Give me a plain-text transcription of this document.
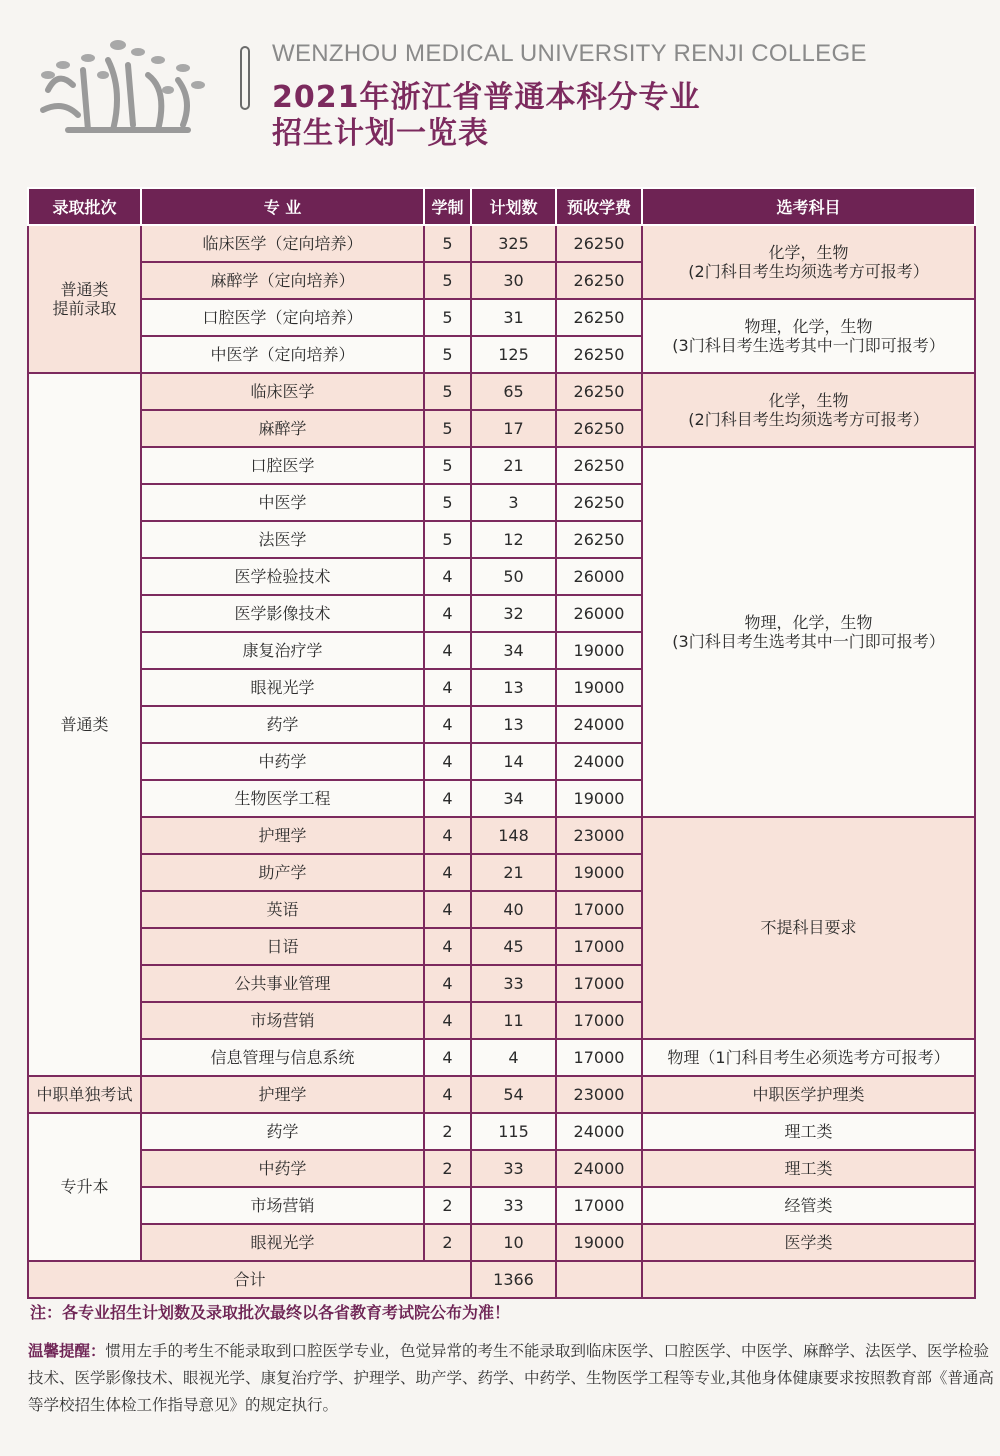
WENZHOU MEDICAL UNIVERSITY RENJI COLLEGE
2021年浙江省普通本科分专业
招生计划一览表
录取批次	专 业	学制	计划数	预收学费	选考科目
普通类
提前录取	临床医学（定向培养）	5	325	26250	化学，生物
(2门科目考生均须选考方可报考）
	麻醉学（定向培养）	5	30	26250	
	口腔医学（定向培养）	5	31	26250	物理，化学，生物
(3门科目考生选考其中一门即可报考）
	中医学（定向培养）	5	125	26250	
普通类	临床医学	5	65	26250	化学，生物
(2门科目考生均须选考方可报考）
	麻醉学	5	17	26250	
	口腔医学	5	21	26250	物理，化学，生物
(3门科目考生选考其中一门即可报考）
	中医学	5	3	26250	
	法医学	5	12	26250	
	医学检验技术	4	50	26000	
	医学影像技术	4	32	26000	
	康复治疗学	4	34	19000	
	眼视光学	4	13	19000	
	药学	4	13	24000	
	中药学	4	14	24000	
	生物医学工程	4	34	19000	
	护理学	4	148	23000	不提科目要求
	助产学	4	21	19000	
	英语	4	40	17000	
	日语	4	45	17000	
	公共事业管理	4	33	17000	
	市场营销	4	11	17000	
	信息管理与信息系统	4	4	17000	物理（1门科目考生必须选考方可报考）
中职单独考试	护理学	4	54	23000	中职医学护理类
专升本	药学	2	115	24000	理工类
	中药学	2	33	24000	理工类
	市场营销	2	33	17000	经管类
	眼视光学	2	10	19000	医学类
合计			1366		
注：各专业招生计划数及录取批次最终以各省教育考试院公布为准！
温馨提醒：惯用左手的考生不能录取到口腔医学专业，色觉异常的考生不能录取到临床医学、口腔医学、中医学、麻醉学、法医学、医学检验技术、医学影像技术、眼视光学、康复治疗学、护理学、助产学、药学、中药学、生物医学工程等专业,其他身体健康要求按照教育部《普通高等学校招生体检工作指导意见》的规定执行。
